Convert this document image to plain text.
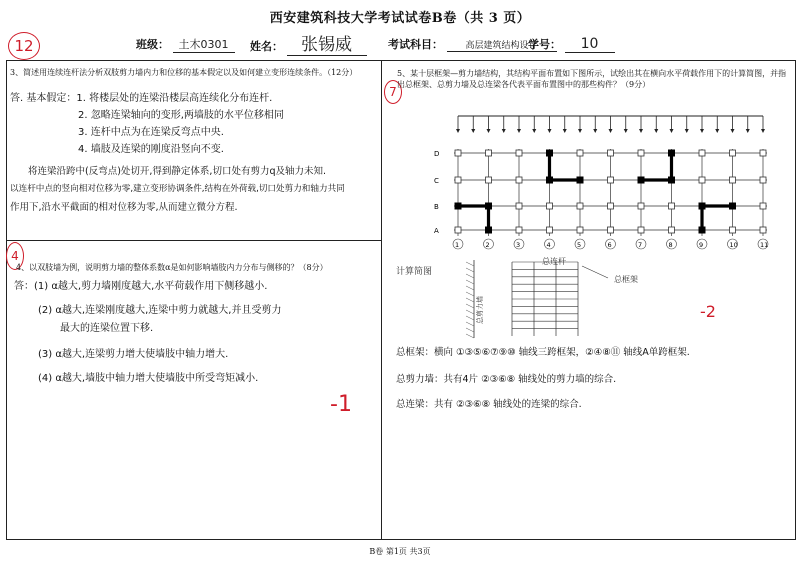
西安建筑科技大学考试试卷B卷（共 3 页）
班级： 土木0301	姓名： 张锡威	考试科目： 高层建筑结构设计
学号： 10
12
3、简述用连续连杆法分析双肢剪力墙内力和位移的基本假定以及如何建立变形连续条件。（12分）
答. 基本假定：1. 将楼层处的连梁沿楼层高连续化分布连杆.
2. 忽略连梁轴向的变形,两墙肢的水平位移相同
3. 连杆中点为在连梁反弯点中央.
4. 墙肢及连梁的刚度沿竖向不变.
将连梁沿跨中(反弯点)处切开,得到静定体系,切口处有剪力q及轴力未知.
以连杆中点的竖向相对位移为零,建立变形协调条件,结构在外荷载,切口处剪力和轴力共同
作用下,沿水平截面的相对位移为零,从而建立微分方程.
4
4、以双肢墙为例，说明剪力墙的整体系数α是如何影响墙肢内力分布与侧移的？（8分）
答：(1) α越大,剪力墙刚度越大,水平荷载作用下侧移越小.
(2) α越大,连梁刚度越大,连梁中剪力就越大,并且受剪力
最大的连梁位置下移.
(3) α越大,连梁剪力增大使墙肢中轴力增大.
(4) α越大,墙肢中轴力增大使墙肢中所受弯矩减小.
-1
7
5、某十层框架—剪力墙结构，其结构平面布置如下图所示，试绘出其在横向水平荷载作用下的计算简图，并指出总框架、总剪力墙及总连梁各代表平面布置图中的那些构件？（9分）
D
C
B
A
1	2	3	4	5	6	7	8	9	10	11
计算简图
总连杆
总框架
总剪力墙	-2
总框架：横向 ①③⑤⑥⑦⑨⑩ 轴线三跨框架，②④⑧⑪ 轴线A单跨框架.
总剪力墙：共有4片 ②③⑥⑧ 轴线处的剪力墙的综合.
总连梁：共有 ②③⑥⑧ 轴线处的连梁的综合.
B卷 第1页 共3页
